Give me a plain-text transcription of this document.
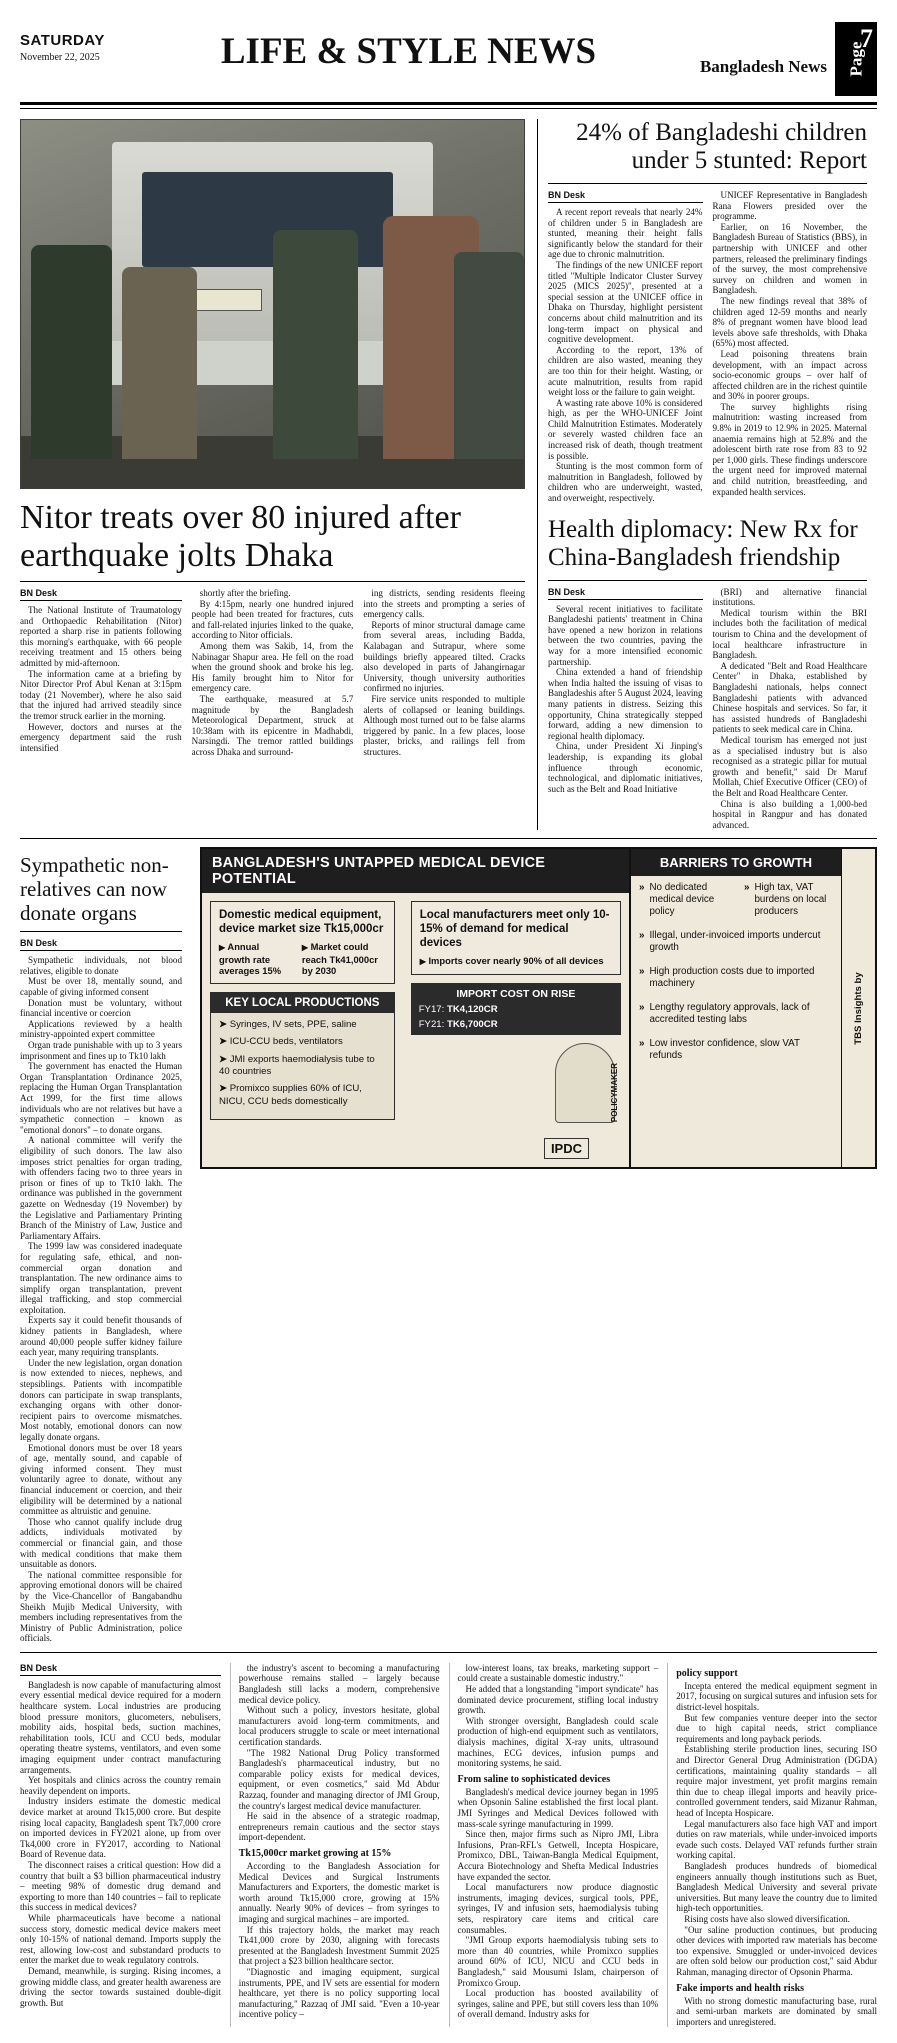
SATURDAY
November 22, 2025	LIFE & STYLE NEWS	Bangladesh News Page
7
Nitor treats over 80 injured after earthquake jolts Dhaka
BN Desk

The National Institute of Traumatology and Orthopaedic Rehabilitation (Nitor) reported a sharp rise in patients following this morning's earthquake, with 66 people receiving treatment and 15 others being admitted by mid-afternoon.

The information came at a briefing by Nitor Director Prof Abul Kenan at 3:15pm today (21 November), where he also said that the injured had arrived steadily since the tremor struck earlier in the morning.

However, doctors and nurses at the emergency department said the rush intensified

shortly after the briefing.

By 4:15pm, nearly one hundred injured people had been treated for fractures, cuts and fall-related injuries linked to the quake, according to Nitor officials.

Among them was Sakib, 14, from the Nabinagar Shapur area. He fell on the road when the ground shook and broke his leg. His family brought him to Nitor for emergency care.

The earthquake, measured at 5.7 magnitude by the Bangladesh Meteorological Department, struck at 10:38am with its epicentre in Madhabdi, Narsingdi. The tremor rattled buildings across Dhaka and surround-

ing districts, sending residents fleeing into the streets and prompting a series of emergency calls.

Reports of minor structural damage came from several areas, including Badda, Kalabagan and Sutrapur, where some buildings briefly appeared tilted. Cracks also developed in parts of Jahangirnagar University, though university authorities confirmed no injuries.

Fire service units responded to multiple alerts of collapsed or leaning buildings. Although most turned out to be false alarms triggered by panic. In a few places, loose plaster, bricks, and railings fell from structures.

24% of Bangladeshi children under 5 stunted: Report
BN Desk

A recent report reveals that nearly 24% of children under 5 in Bangladesh are stunted, meaning their height falls significantly below the standard for their age due to chronic malnutrition.

The findings of the new UNICEF report titled "Multiple Indicator Cluster Survey 2025 (MICS 2025)", presented at a special session at the UNICEF office in Dhaka on Thursday, highlight persistent concerns about child malnutrition and its long-term impact on physical and cognitive development.

According to the report, 13% of children are also wasted, meaning they are too thin for their height. Wasting, or acute malnutrition, results from rapid weight loss or the failure to gain weight.

A wasting rate above 10% is considered high, as per the WHO-UNICEF Joint Child Malnutrition Estimates. Moderately or severely wasted children face an increased risk of death, though treatment is possible.

Stunting is the most common form of malnutrition in Bangladesh, followed by children who are underweight, wasted, and overweight, respectively.

UNICEF Representative in Bangladesh Rana Flowers presided over the programme.

Earlier, on 16 November, the Bangladesh Bureau of Statistics (BBS), in partnership with UNICEF and other partners, released the preliminary findings of the survey, the most comprehensive survey on children and women in Bangladesh.

The new findings reveal that 38% of children aged 12-59 months and nearly 8% of pregnant women have blood lead levels above safe thresholds, with Dhaka (65%) most affected.

Lead poisoning threatens brain development, with an impact across socio-economic groups – over half of affected children are in the richest quintile and 30% in poorer groups.

The survey highlights rising malnutrition: wasting increased from 9.8% in 2019 to 12.9% in 2025. Maternal anaemia remains high at 52.8% and the adolescent birth rate rose from 83 to 92 per 1,000 girls. These findings underscore the urgent need for improved maternal and child nutrition, breastfeeding, and expanded health services.

Health diplomacy: New Rx for China-Bangladesh friendship
BN Desk

Several recent initiatives to facilitate Bangladeshi patients' treatment in China have opened a new horizon in relations between the two countries, paving the way for a more intensified economic partnership.

China extended a hand of friendship when India halted the issuing of visas to Bangladeshis after 5 August 2024, leaving many patients in distress. Seizing this opportunity, China strategically stepped forward, adding a new dimension to regional health diplomacy.

China, under President Xi Jinping's leadership, is expanding its global influence through economic, technological, and diplomatic initiatives, such as the Belt and Road Initiative

(BRI) and alternative financial institutions.

Medical tourism within the BRI includes both the facilitation of medical tourism to China and the development of local healthcare infrastructure in Bangladesh.

A dedicated "Belt and Road Healthcare Center" in Dhaka, established by Bangladeshi nationals, helps connect Bangladeshi patients with advanced Chinese hospitals and services. So far, it has assisted hundreds of Bangladeshi patients to seek medical care in China.

Medical tourism has emerged not just as a specialised industry but is also recognised as a strategic pillar for mutual growth and benefit," said Dr Maruf Mollah, Chief Executive Officer (CEO) of the Belt and Road Healthcare Center.

China is also building a 1,000-bed hospital in Rangpur and has donated advanced.

Sympathetic non-relatives can now donate organs
BN Desk

Sympathetic individuals, not blood relatives, eligible to donate

Must be over 18, mentally sound, and capable of giving informed consent

Donation must be voluntary, without financial incentive or coercion

Applications reviewed by a health ministry-appointed expert committee

Organ trade punishable with up to 3 years imprisonment and fines up to Tk10 lakh

The government has enacted the Human Organ Transplantation Ordinance 2025, replacing the Human Organ Transplantation Act 1999, for the first time allows individuals who are not relatives but have a sympathetic connection – known as "emotional donors" – to donate organs.

A national committee will verify the eligibility of such donors. The law also imposes strict penalties for organ trading, with offenders facing two to three years in prison or fines of up to Tk10 lakh. The ordinance was published in the government gazette on Wednesday (19 November) by the Legislative and Parliamentary Printing Branch of the Ministry of Law, Justice and Parliamentary Affairs.

The 1999 law was considered inadequate for regulating safe, ethical, and non-commercial organ donation and transplantation. The new ordinance aims to simplify organ transplantation, prevent illegal trafficking, and stop commercial exploitation.

Experts say it could benefit thousands of kidney patients in Bangladesh, where around 40,000 people suffer kidney failure each year, many requiring transplants.

Under the new legislation, organ donation is now extended to nieces, nephews, and stepsiblings. Patients with incompatible donors can participate in swap transplants, exchanging organs with other donor-recipient pairs to overcome mismatches. Most notably, emotional donors can now legally donate organs.

Emotional donors must be over 18 years of age, mentally sound, and capable of giving informed consent. They must voluntarily agree to donate, without any financial inducement or coercion, and their eligibility will be determined by a national committee as altruistic and genuine.

Those who cannot qualify include drug addicts, individuals motivated by commercial or financial gain, and those with medical conditions that make them unsuitable as donors.

The national committee responsible for approving emotional donors will be chaired by the Vice-Chancellor of Bangabandhu Sheikh Mujib Medical University, with members including representatives from the Ministry of Public Administration, police officials.

BANGLADESH'S UNTAPPED MEDICAL DEVICE POTENTIAL
Domestic medical equipment, device market size Tk15,000cr
▶ Annual growth rate averages 15%
▶ Market could reach Tk41,000cr by 2030
KEY LOCAL PRODUCTIONS
➤ Syringes, IV sets, PPE, saline
➤ ICU-CCU beds, ventilators
➤ JMI exports haemodialysis tube to 40 countries
➤ Promixco supplies 60% of ICU, NICU, CCU beds domestically
Local manufacturers meet only 10-15% of demand for medical devices
▶ Imports cover nearly 90% of all devices
IMPORT COST ON RISE
FY17: TK4,120CR
FY21: TK6,700CR
POLICYMAKER
IPDC
BARRIERS TO GROWTH
» No dedicated medical device policy
» High tax, VAT burdens on local producers
» Illegal, under-invoiced imports undercut growth
» High production costs due to imported machinery
» Lengthy regulatory approvals, lack of accredited testing labs
» Low investor confidence, slow VAT refunds
TBS Insights by
BN Desk

Bangladesh is now capable of manufacturing almost every essential medical device required for a modern healthcare system. Local industries are producing blood pressure monitors, glucometers, nebulisers, mobility aids, hospital beds, suction machines, rehabilitation tools, ICU and CCU beds, modular operating theatre systems, ventilators, and even some imaging equipment under contract manufacturing arrangements.

Yet hospitals and clinics across the country remain heavily dependent on imports.

Industry insiders estimate the domestic medical device market at around Tk15,000 crore. But despite rising local capacity, Bangladesh spent Tk7,000 crore on imported devices in FY2021 alone, up from over Tk4,000 crore in FY2017, according to National Board of Revenue data.

The disconnect raises a critical question: How did a country that built a $3 billion pharmaceutical industry – meeting 98% of domestic drug demand and exporting to more than 140 countries – fail to replicate this success in medical devices?

While pharmaceuticals have become a national success story, domestic medical device makers meet only 10-15% of national demand. Imports supply the rest, allowing low-cost and substandard products to enter the market due to weak regulatory controls.

Demand, meanwhile, is surging. Rising incomes, a growing middle class, and greater health awareness are driving the sector towards sustained double-digit growth. But

the industry's ascent to becoming a manufacturing powerhouse remains stalled – largely because Bangladesh still lacks a modern, comprehensive medical device policy.

Without such a policy, investors hesitate, global manufacturers avoid long-term commitments, and local producers struggle to scale or meet international certification standards.

"The 1982 National Drug Policy transformed Bangladesh's pharmaceutical industry, but no comparable policy exists for medical devices, equipment, or even cosmetics," said Md Abdur Razzaq, founder and managing director of JMI Group, the country's largest medical device manufacturer.

He said in the absence of a strategic roadmap, entrepreneurs remain cautious and the sector stays import-dependent.

Tk15,000cr market growing at 15%

According to the Bangladesh Association for Medical Devices and Surgical Instruments Manufacturers and Exporters, the domestic market is worth around Tk15,000 crore, growing at 15% annually. Nearly 90% of devices – from syringes to imaging and surgical machines – are imported.

If this trajectory holds, the market may reach Tk41,000 crore by 2030, aligning with forecasts presented at the Bangladesh Investment Summit 2025 that project a $23 billion healthcare sector.

"Diagnostic and imaging equipment, surgical instruments, PPE, and IV sets are essential for modern healthcare, yet there is no policy supporting local manufacturing," Razzaq of JMI said. "Even a 10-year incentive policy –

low-interest loans, tax breaks, marketing support – could create a sustainable domestic industry."

He added that a longstanding "import syndicate" has dominated device procurement, stifling local industry growth.

With stronger oversight, Bangladesh could scale production of high-end equipment such as ventilators, dialysis machines, digital X-ray units, ultrasound machines, ECG devices, infusion pumps and monitoring systems, he said.

From saline to sophisticated devices

Bangladesh's medical device journey began in 1995 when Opsonin Saline established the first local plant. JMI Syringes and Medical Devices followed with mass-scale syringe manufacturing in 1999.

Since then, major firms such as Nipro JMI, Libra Infusions, Pran-RFL's Getwell, Incepta Hospicare, Promixco, DBL, Taiwan-Bangla Medical Equipment, Accura Biotechnology and Shefta Medical Industries have expanded the sector.

Local manufacturers now produce diagnostic instruments, imaging devices, surgical tools, PPE, syringes, IV and infusion sets, haemodialysis tubing sets, respiratory care items and critical care consumables.

"JMI Group exports haemodialysis tubing sets to more than 40 countries, while Promixco supplies around 60% of ICU, NICU and CCU beds in Bangladesh," said Mousumi Islam, chairperson of Promixco Group.

Local production has boosted availability of syringes, saline and PPE, but still covers less than 10% of overall demand. Industry asks for

policy support

Incepta entered the medical equipment segment in 2017, focusing on surgical sutures and infusion sets for district-level hospitals.

But few companies venture deeper into the sector due to high capital needs, strict compliance requirements and long payback periods.

Establishing sterile production lines, securing ISO and Director General Drug Administration (DGDA) certifications, maintaining quality standards – all require major investment, yet profit margins remain thin due to cheap illegal imports and heavily price-controlled government tenders, said Mizanur Rahman, head of Incepta Hospicare.

Legal manufacturers also face high VAT and import duties on raw materials, while under-invoiced imports evade such costs. Delayed VAT refunds further strain working capital.

Bangladesh produces hundreds of biomedical engineers annually though institutions such as Buet, Bangladesh Medical University and several private universities. But many leave the country due to limited high-tech opportunities.

Rising costs have also slowed diversification.

"Our saline production continues, but producing other devices with imported raw materials has become too expensive. Smuggled or under-invoiced devices are often sold below our production cost," said Abdur Rahman, managing director of Opsonin Pharma.

Fake imports and health risks

With no strong domestic manufacturing base, rural and semi-urban markets are dominated by small importers and unregistered.
